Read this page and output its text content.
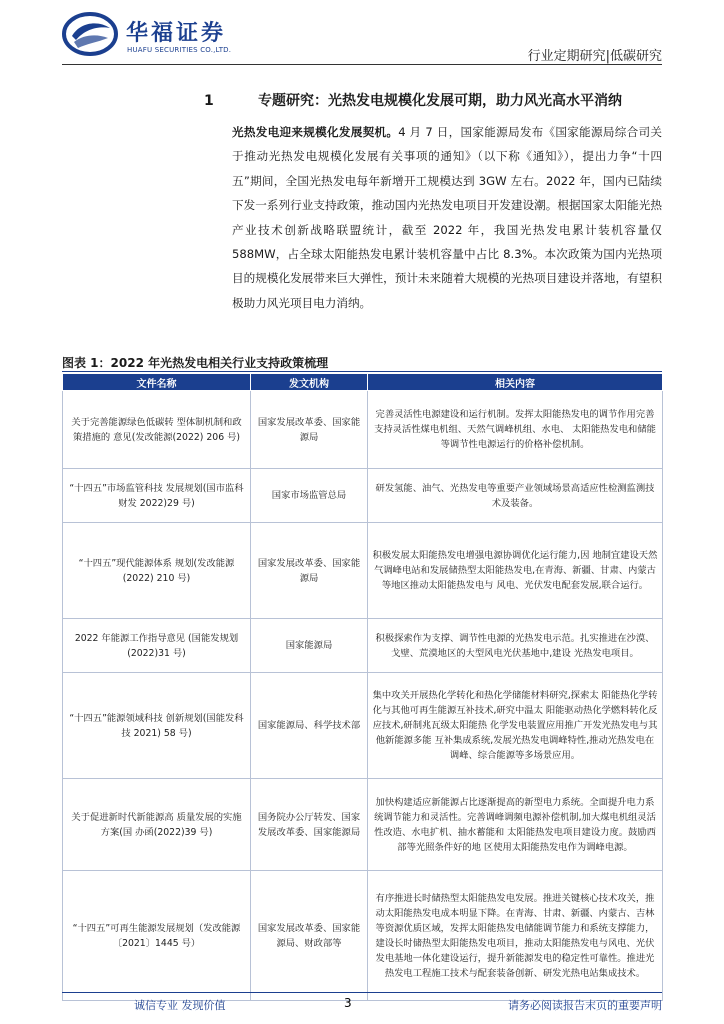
华福证券
HUAFU SECURITIES CO.,LTD.	行业定期研究|低碳研究
1	专题研究：光热发电规模化发展可期，助力风光高水平消纳
光热发电迎来规模化发展契机。4 月 7 日，国家能源局发布《国家能源局综合司关于推动光热发电规模化发展有关事项的通知》（以下称《通知》），提出力争“十四五”期间，全国光热发电每年新增开工规模达到 3GW 左右。2022 年，国内已陆续下发一系列行业支持政策，推动国内光热发电项目开发建设潮。根据国家太阳能光热产业技术创新战略联盟统计，截至 2022 年，我国光热发电累计装机容量仅 588MW，占全球太阳能热发电累计装机容量中占比 8.3%。本次政策为国内光热项目的规模化发展带来巨大弹性，预计未来随着大规模的光热项目建设并落地，有望积极助力风光项目电力消纳。
图表 1：2022 年光热发电相关行业支持政策梳理
文件名称	发文机构	相关内容
关于完善能源绿色低碳转 型体制机制和政策措施的 意见(发改能源(2022) 206 号)	国家发展改革委、国家能源局	完善灵活性电源建设和运行机制。发挥太阳能热发电的调节作用完善支持灵活性煤电机组、天然气调峰机组、水电、 太阳能热发电和储能等调节性电源运行的价格补偿机制。
“十四五”市场监管科技 发展规划(国市监科财发 2022)29 号)	国家市场监管总局	研发氢能、油气、光热发电等重要产业领域场景高适应性检测监测技术及装备。
“十四五”现代能源体系 规划(发改能源(2022) 210 号)	国家发展改革委、国家能源局	积极发展太阳能热发电增强电源协调优化运行能力,因 地制宜建设天然气调峰电站和发展储热型太阳能热发电,在青海、新疆、甘肃、内蒙古等地区推动太阳能热发电与 风电、光伏发电配套发展,联合运行。
2022 年能源工作指导意见 (国能发规划(2022)31 号)	国家能源局	积极探索作为支撑、调节性电源的光热发电示范。扎实推进在沙漠、戈壁、荒漠地区的大型风电光伏基地中,建设 光热发电项目。
“十四五”能源领域科技 创新规划(国能发科技 2021) 58 号)	国家能源局、科学技术部	集中攻关开展热化学转化和热化学储能材料研究,探索太 阳能热化学转化与其他可再生能源互补技术,研究中温太 阳能驱动热化学燃料转化反应技术,研制兆瓦级太阳能热 化学发电装置应用推广开发光热发电与其他新能源多能 互补集成系统,发展光热发电调峰特性,推动光热发电在 调峰、综合能源等多场景应用。
关于促进新时代新能源高 质量发展的实施方案(国 办函(2022)39 号)	国务院办公厅转发、国家发展改革委、国家能源局	加快构建适应新能源占比逐渐提高的新型电力系统。全面提升电力系统调节能力和灵活性。完善调峰调频电源补偿机制,加大煤电机组灵活性改造、水电扩机、抽水蓄能和 太阳能热发电项目建设力度。鼓励西部等光照条件好的地 区使用太阳能热发电作为调峰电源。
“十四五”可再生能源发展规划（发改能源〔2021〕1445 号）	国家发展改革委、国家能源局、财政部等	有序推进长时储热型太阳能热发电发展。推进关键核心技术攻关，推动太阳能热发电成本明显下降。在青海、甘肃、新疆、内蒙古、吉林等资源优质区域，发挥太阳能热发电储能调节能力和系统支撑能力，建设长时储热型太阳能热发电项目，推动太阳能热发电与风电、光伏发电基地一体化建设运行，提升新能源发电的稳定性可靠性。推进光热发电工程施工技术与配套装备创新、研发光热电站集成技术。
诚信专业 发现价值	3	请务必阅读报告末页的重要声明
